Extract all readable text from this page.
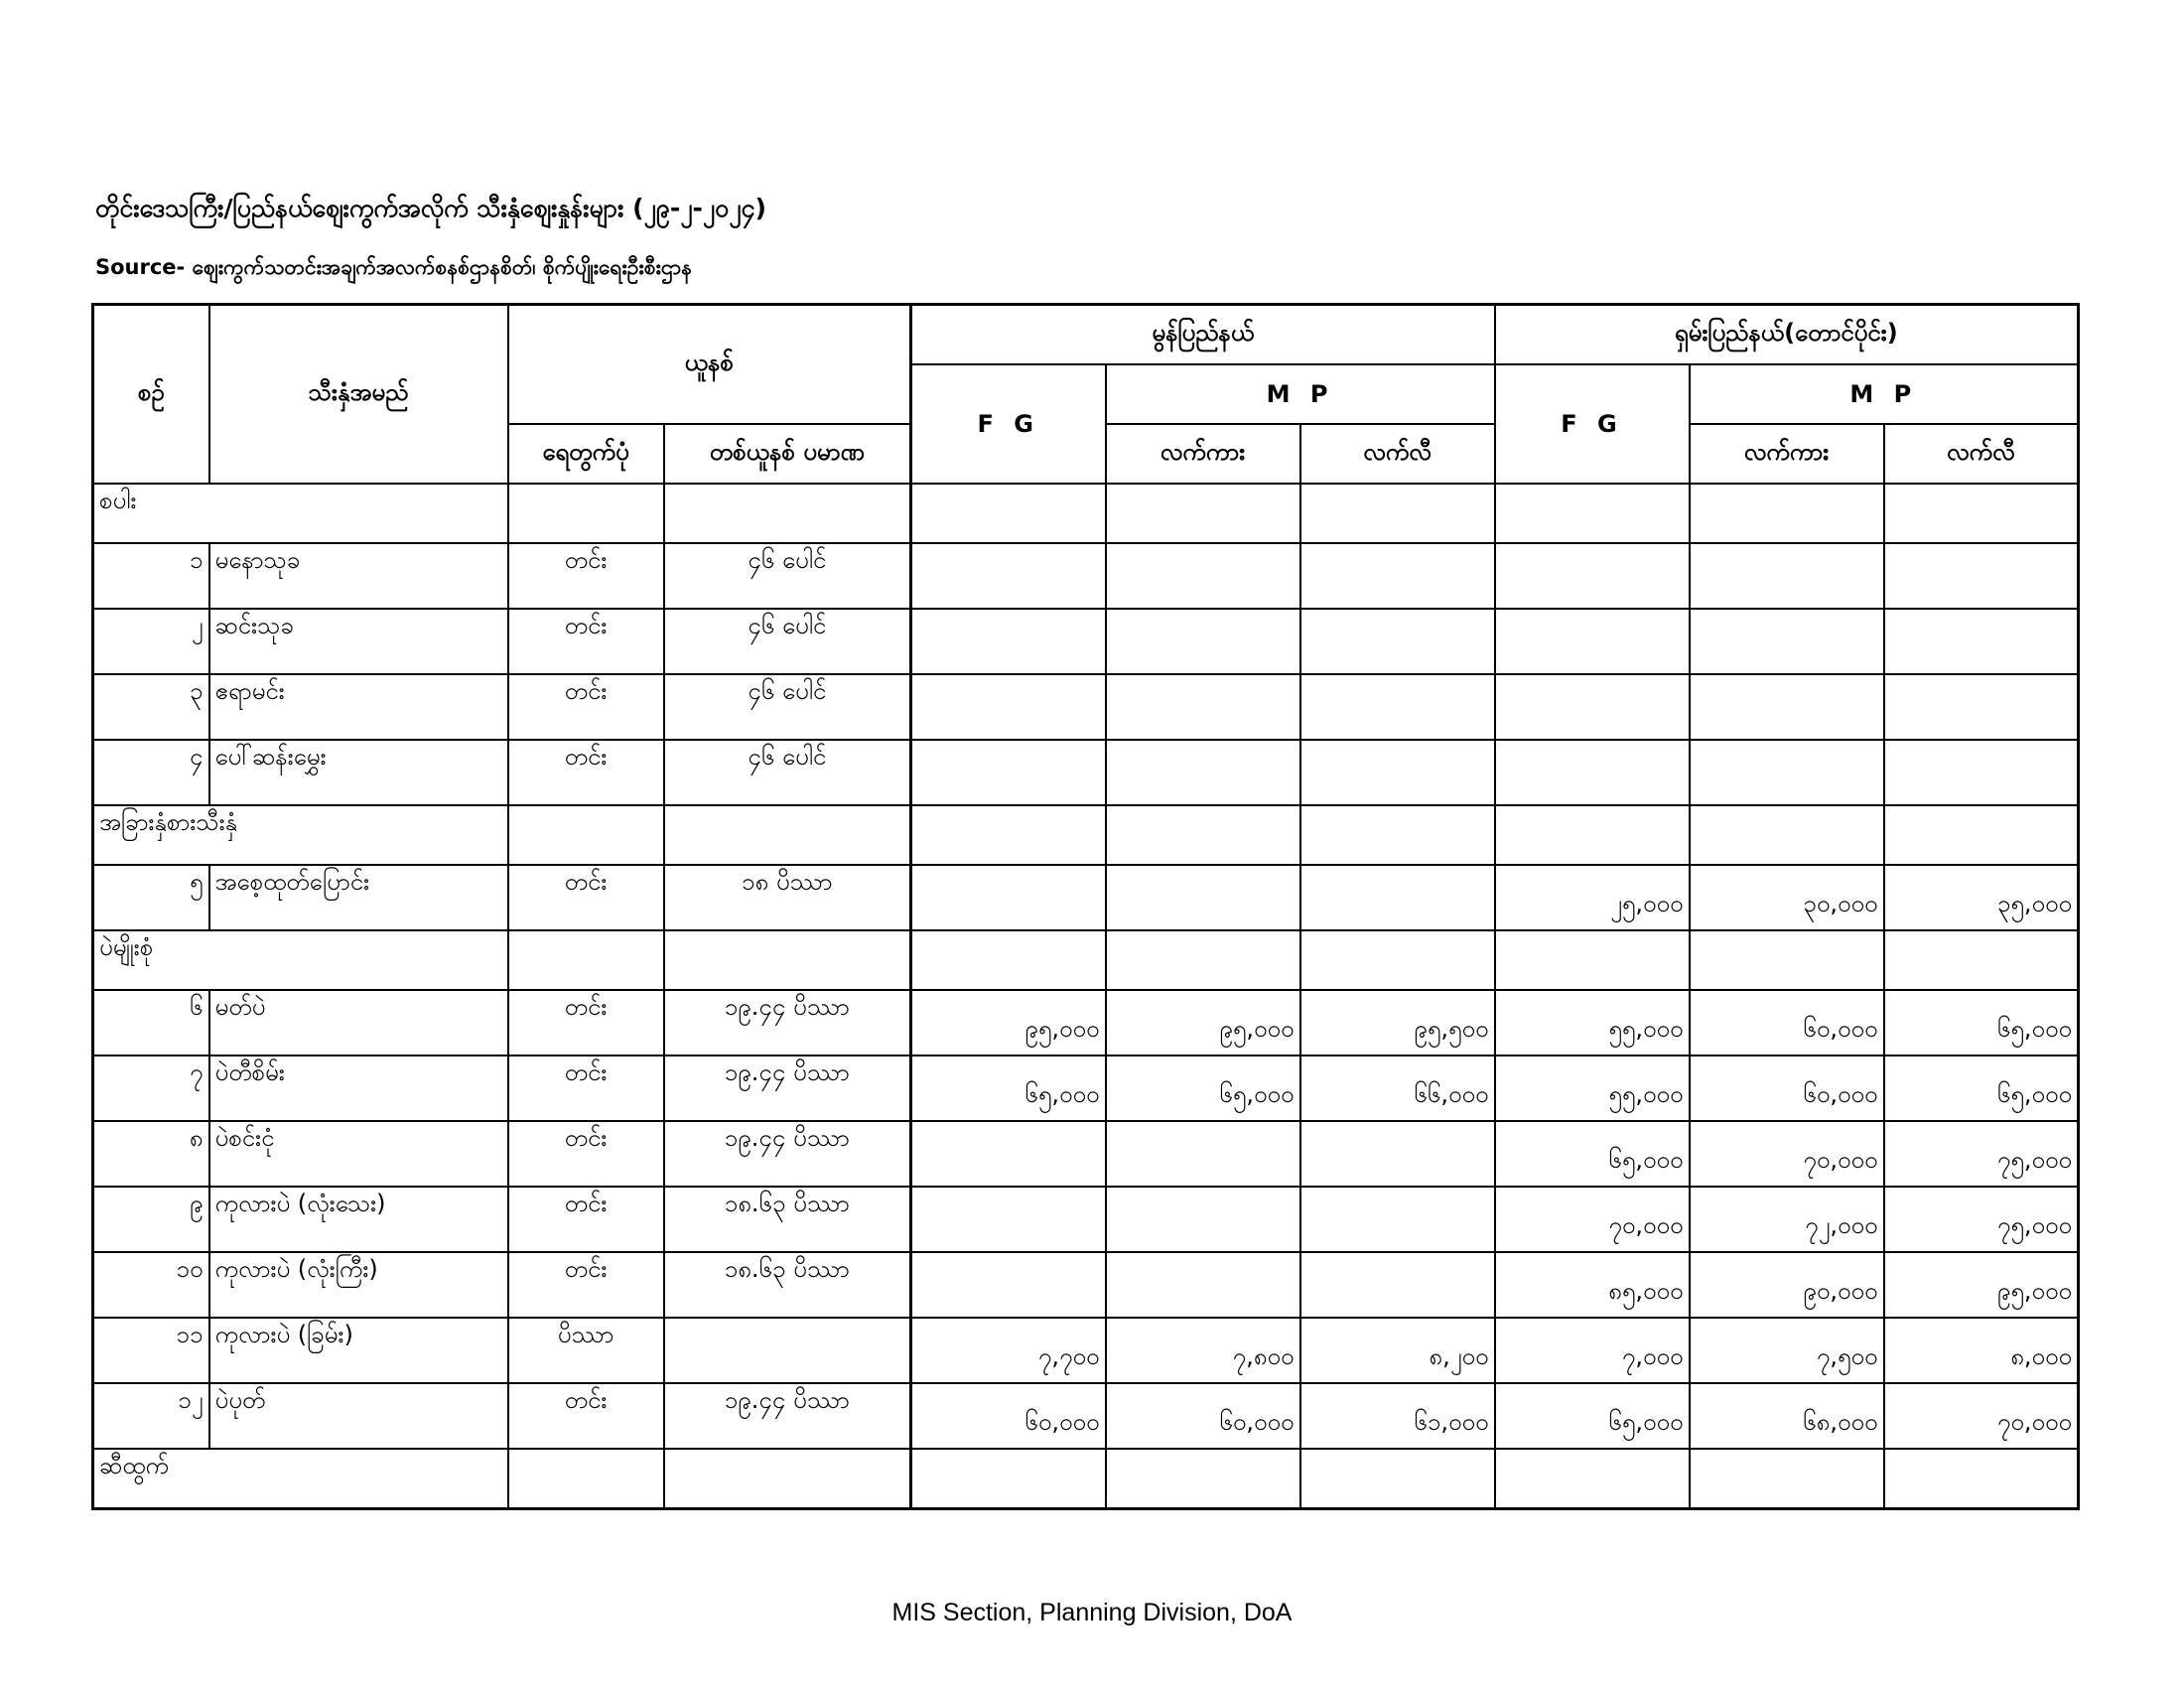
တိုင်းဒေသကြီး/ပြည်နယ်ဈေးကွက်အလိုက် သီးနှံဈေးနှုန်းများ (၂၉-၂-၂၀၂၄)
Source- ဈေးကွက်သတင်းအချက်အလက်စနစ်ဌာနစိတ်၊ စိုက်ပျိုးရေးဦးစီးဌာန
စဉ်	သီးနှံအမည်	ယူနစ်		မွန်ပြည်နယ်			ရှမ်းပြည်နယ်(တောင်ပိုင်း)		
				F G	M P		F G	M P	
		ရေတွက်ပုံ	တစ်ယူနစ် ပမာဏ		လက်ကား	လက်လီ		လက်ကား	လက်လီ
စပါး									
၁	မနောသုခ	တင်း	၄၆ ပေါင်						
၂	ဆင်းသုခ	တင်း	၄၆ ပေါင်						
၃	ဧရာမင်း	တင်း	၄၆ ပေါင်						
၄	ပေါ်ဆန်းမွှေး	တင်း	၄၆ ပေါင်						
အခြားနှံစားသီးနှံ									
၅	အစေ့ထုတ်ပြောင်း	တင်း	၁၈ ပိဿာ				၂၅,၀၀၀	၃၀,၀၀၀	၃၅,၀၀၀
ပဲမျိုးစုံ									
၆	မတ်ပဲ	တင်း	၁၉.၄၄ ပိဿာ	၉၅,၀၀၀	၉၅,၀၀၀	၉၅,၅၀၀	၅၅,၀၀၀	၆၀,၀၀၀	၆၅,၀၀၀
၇	ပဲတီစိမ်း	တင်း	၁၉.၄၄ ပိဿာ	၆၅,၀၀၀	၆၅,၀၀၀	၆၆,၀၀၀	၅၅,၀၀၀	၆၀,၀၀၀	၆၅,၀၀၀
၈	ပဲစင်းငုံ	တင်း	၁၉.၄၄ ပိဿာ				၆၅,၀၀၀	၇၀,၀၀၀	၇၅,၀၀၀
၉	ကုလားပဲ (လုံးသေး)	တင်း	၁၈.၆၃ ပိဿာ				၇၀,၀၀၀	၇၂,၀၀၀	၇၅,၀၀၀
၁၀	ကုလားပဲ (လုံးကြီး)	တင်း	၁၈.၆၃ ပိဿာ				၈၅,၀၀၀	၉၀,၀၀၀	၉၅,၀၀၀
၁၁	ကုလားပဲ (ခြမ်း)	ပိဿာ		၇,၇၀၀	၇,၈၀၀	၈,၂၀၀	၇,၀၀၀	၇,၅၀၀	၈,၀၀၀
၁၂	ပဲပုတ်	တင်း	၁၉.၄၄ ပိဿာ	၆၀,၀၀၀	၆၀,၀၀၀	၆၁,၀၀၀	၆၅,၀၀၀	၆၈,၀၀၀	၇၀,၀၀၀
ဆီထွက်									
MIS Section, Planning Division, DoA
